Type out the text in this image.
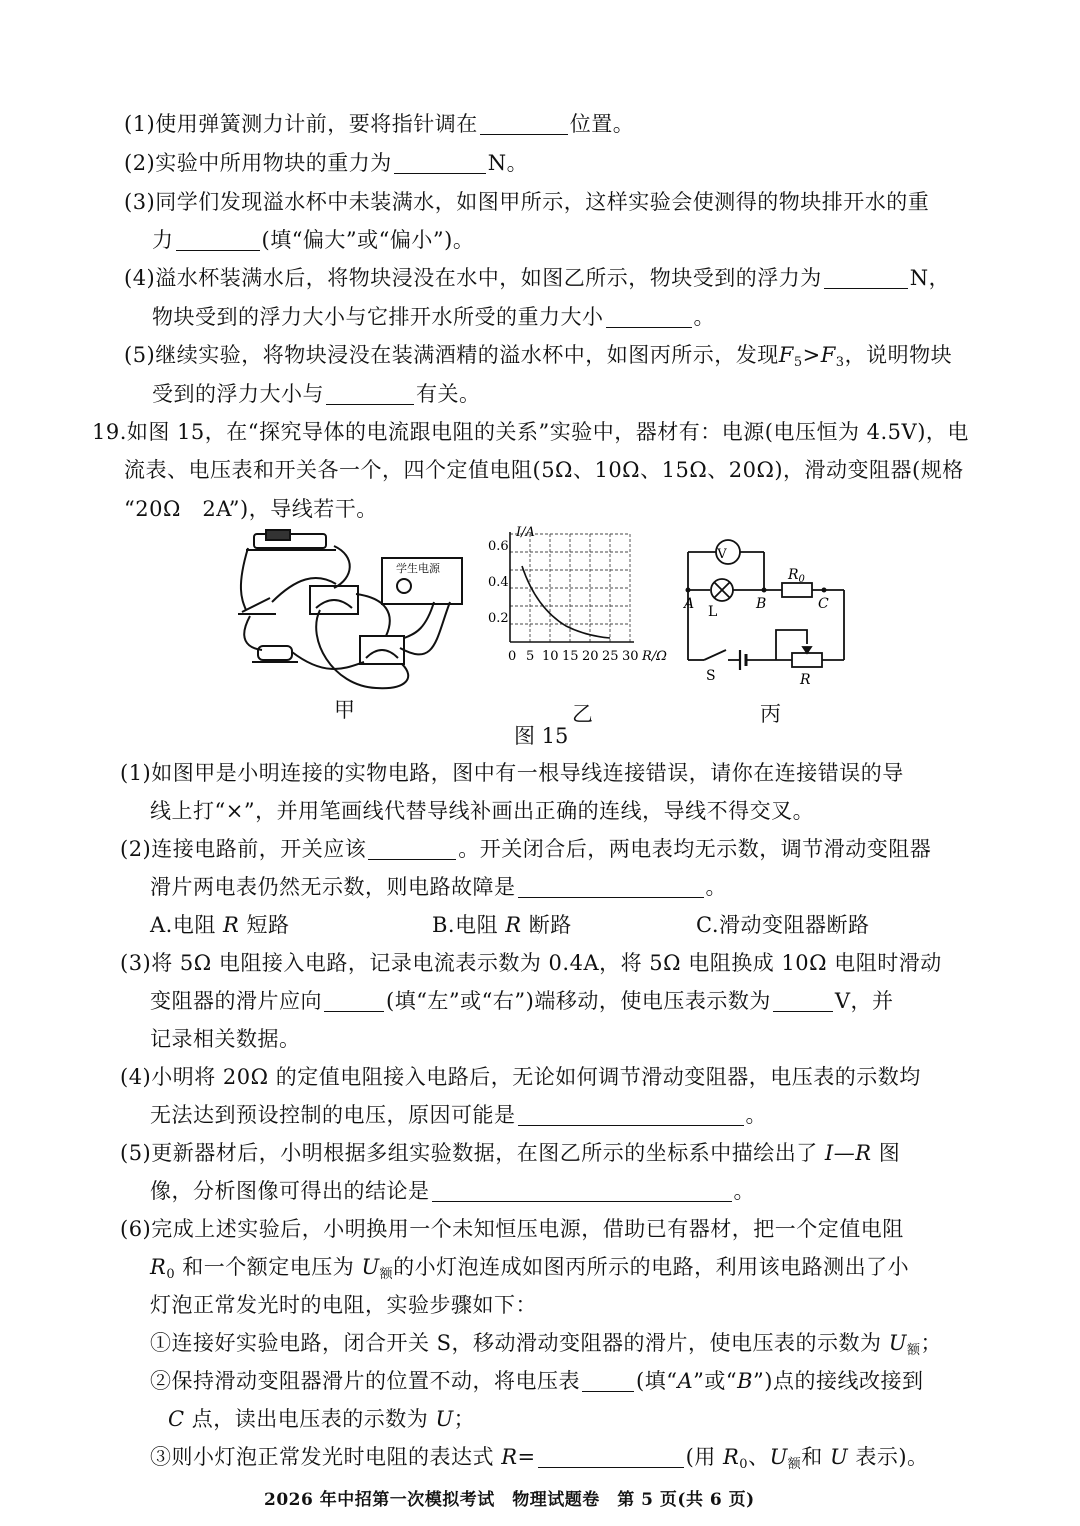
(1)使用弹簧测力计前，要将指针调在	位置。
(2)实验中所用物块的重力为	N。
(3)同学们发现溢水杯中未装满水，如图甲所示，这样实验会使测得的物块排开水的重
力	(填“偏大”或“偏小”)。
(4)溢水杯装满水后，将物块浸没在水中，如图乙所示，物块受到的浮力为	N，
物块受到的浮力大小与它排开水所受的重力大小	。
(5)继续实验，将物块浸没在装满酒精的溢水杯中，如图丙所示，发现$F_5>F_3$，说明物块
受到的浮力大小与	有关。
19.如图 15，在“探究导体的电流跟电阻的关系”实验中，器材有：电源(电压恒为 4.5V)，电
流表、电压表和开关各一个，四个定值电阻(5Ω、10Ω、15Ω、20Ω)，滑动变阻器(规格
“20Ω　2A”)，导线若干。
学生电源
I/A
0.6
0.4
0.2
0 5 10 15 20 25 30 R/Ω
V
A L	B	C
$R_0$
S	R
甲	乙	丙
图 15
(1)如图甲是小明连接的实物电路，图中有一根导线连接错误，请你在连接错误的导
线上打“×”，并用笔画线代替导线补画出正确的连线，导线不得交叉。
(2)连接电路前，开关应该	。开关闭合后，两电表均无示数，调节滑动变阻器
滑片两电表仍然无示数，则电路故障是	。
A.电阻 R 短路	B.电阻 R 断路	C.滑动变阻器断路
(3)将 5Ω 电阻接入电路，记录电流表示数为 0.4A，将 5Ω 电阻换成 10Ω 电阻时滑动
变阻器的滑片应向	(填“左”或“右”)端移动，使电压表示数为	V，并
记录相关数据。
(4)小明将 20Ω 的定值电阻接入电路后，无论如何调节滑动变阻器，电压表的示数均
无法达到预设控制的电压，原因可能是	。
(5)更新器材后，小明根据多组实验数据，在图乙所示的坐标系中描绘出了 I—R 图
像，分析图像可得出的结论是	。
(6)完成上述实验后，小明换用一个未知恒压电源，借助已有器材，把一个定值电阻
$R_0$ 和一个额定电压为 $U_额$的小灯泡连成如图丙所示的电路，利用该电路测出了小
灯泡正常发光时的电阻，实验步骤如下：
①连接好实验电路，闭合开关 S，移动滑动变阻器的滑片，使电压表的示数为 $U_额$；
②保持滑动变阻器滑片的位置不动，将电压表	(填“A”或“B”)点的接线改接到
C 点，读出电压表的示数为 U；
③则小灯泡正常发光时电阻的表达式 R=	(用 $R_0$、$U_额$和 U 表示)。
2026 年中招第一次模拟考试　物理试题卷　第 5 页(共 6 页)
